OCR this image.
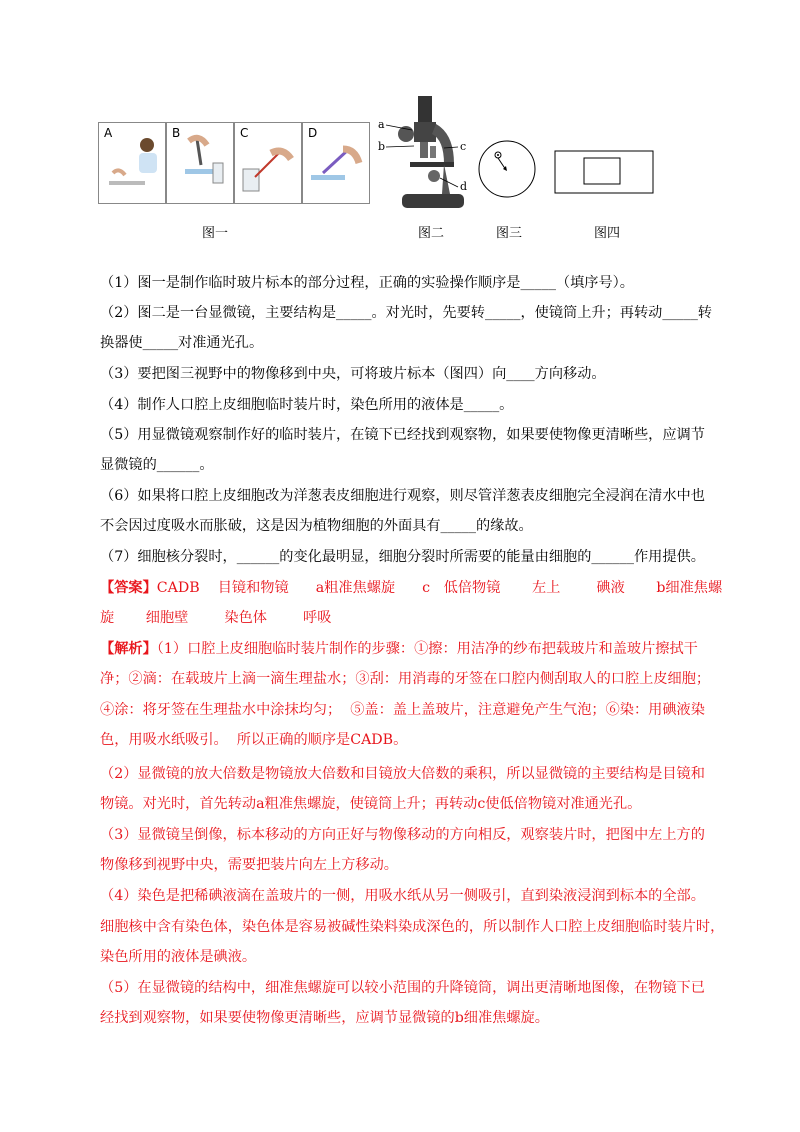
A	B	C	D
a
b	c
d
图一	图二	图三	图四
（1）图一是制作临时玻片标本的部分过程，正确的实验操作顺序是_____（填序号）。
（2）图二是一台显微镜，主要结构是_____。对光时，先要转_____，使镜筒上升；再转动_____转
换器使_____对准通光孔。
（3）要把图三视野中的物像移到中央，可将玻片标本（图四）向____方向移动。
（4）制作人口腔上皮细胞临时装片时，染色所用的液体是_____。
（5）用显微镜观察制作好的临时装片，在镜下已经找到观察物，如果要使物像更清晰些，应调节
显微镜的______。
（6）如果将口腔上皮细胞改为洋葱表皮细胞进行观察，则尽管洋葱表皮细胞完全浸润在清水中也
不会因过度吸水而胀破，这是因为植物细胞的外面具有_____的缘故。
（7）细胞核分裂时，______的变化最明显，细胞分裂时所需要的能量由细胞的______作用提供。
【答案】CADB    目镜和物镜      a粗准焦螺旋      c   低倍物镜       左上        碘液       b细准焦螺
旋       细胞壁        染色体        呼吸
【解析】（1）口腔上皮细胞临时装片制作的步骤：①擦：用洁净的纱布把载玻片和盖玻片擦拭干
净；②滴：在载玻片上滴一滴生理盐水；③刮：用消毒的牙签在口腔内侧刮取人的口腔上皮细胞；
④涂：将牙签在生理盐水中涂抹均匀；  ⑤盖：盖上盖玻片，注意避免产生气泡；⑥染：用碘液染
色，用吸水纸吸引。  所以正确的顺序是CADB。
（2）显微镜的放大倍数是物镜放大倍数和目镜放大倍数的乘积，所以显微镜的主要结构是目镜和
物镜。对光时，首先转动a粗准焦螺旋，使镜筒上升；再转动c使低倍物镜对准通光孔。
（3）显微镜呈倒像，标本移动的方向正好与物像移动的方向相反，观察装片时，把图中左上方的
物像移到视野中央，需要把装片向左上方移动。
（4）染色是把稀碘液滴在盖玻片的一侧，用吸水纸从另一侧吸引，直到染液浸润到标本的全部。
细胞核中含有染色体，染色体是容易被碱性染料染成深色的，所以制作人口腔上皮细胞临时装片时，
染色所用的液体是碘液。
（5）在显微镜的结构中，细准焦螺旋可以较小范围的升降镜筒，调出更清晰地图像，在物镜下已
经找到观察物，如果要使物像更清晰些，应调节显微镜的b细准焦螺旋。
